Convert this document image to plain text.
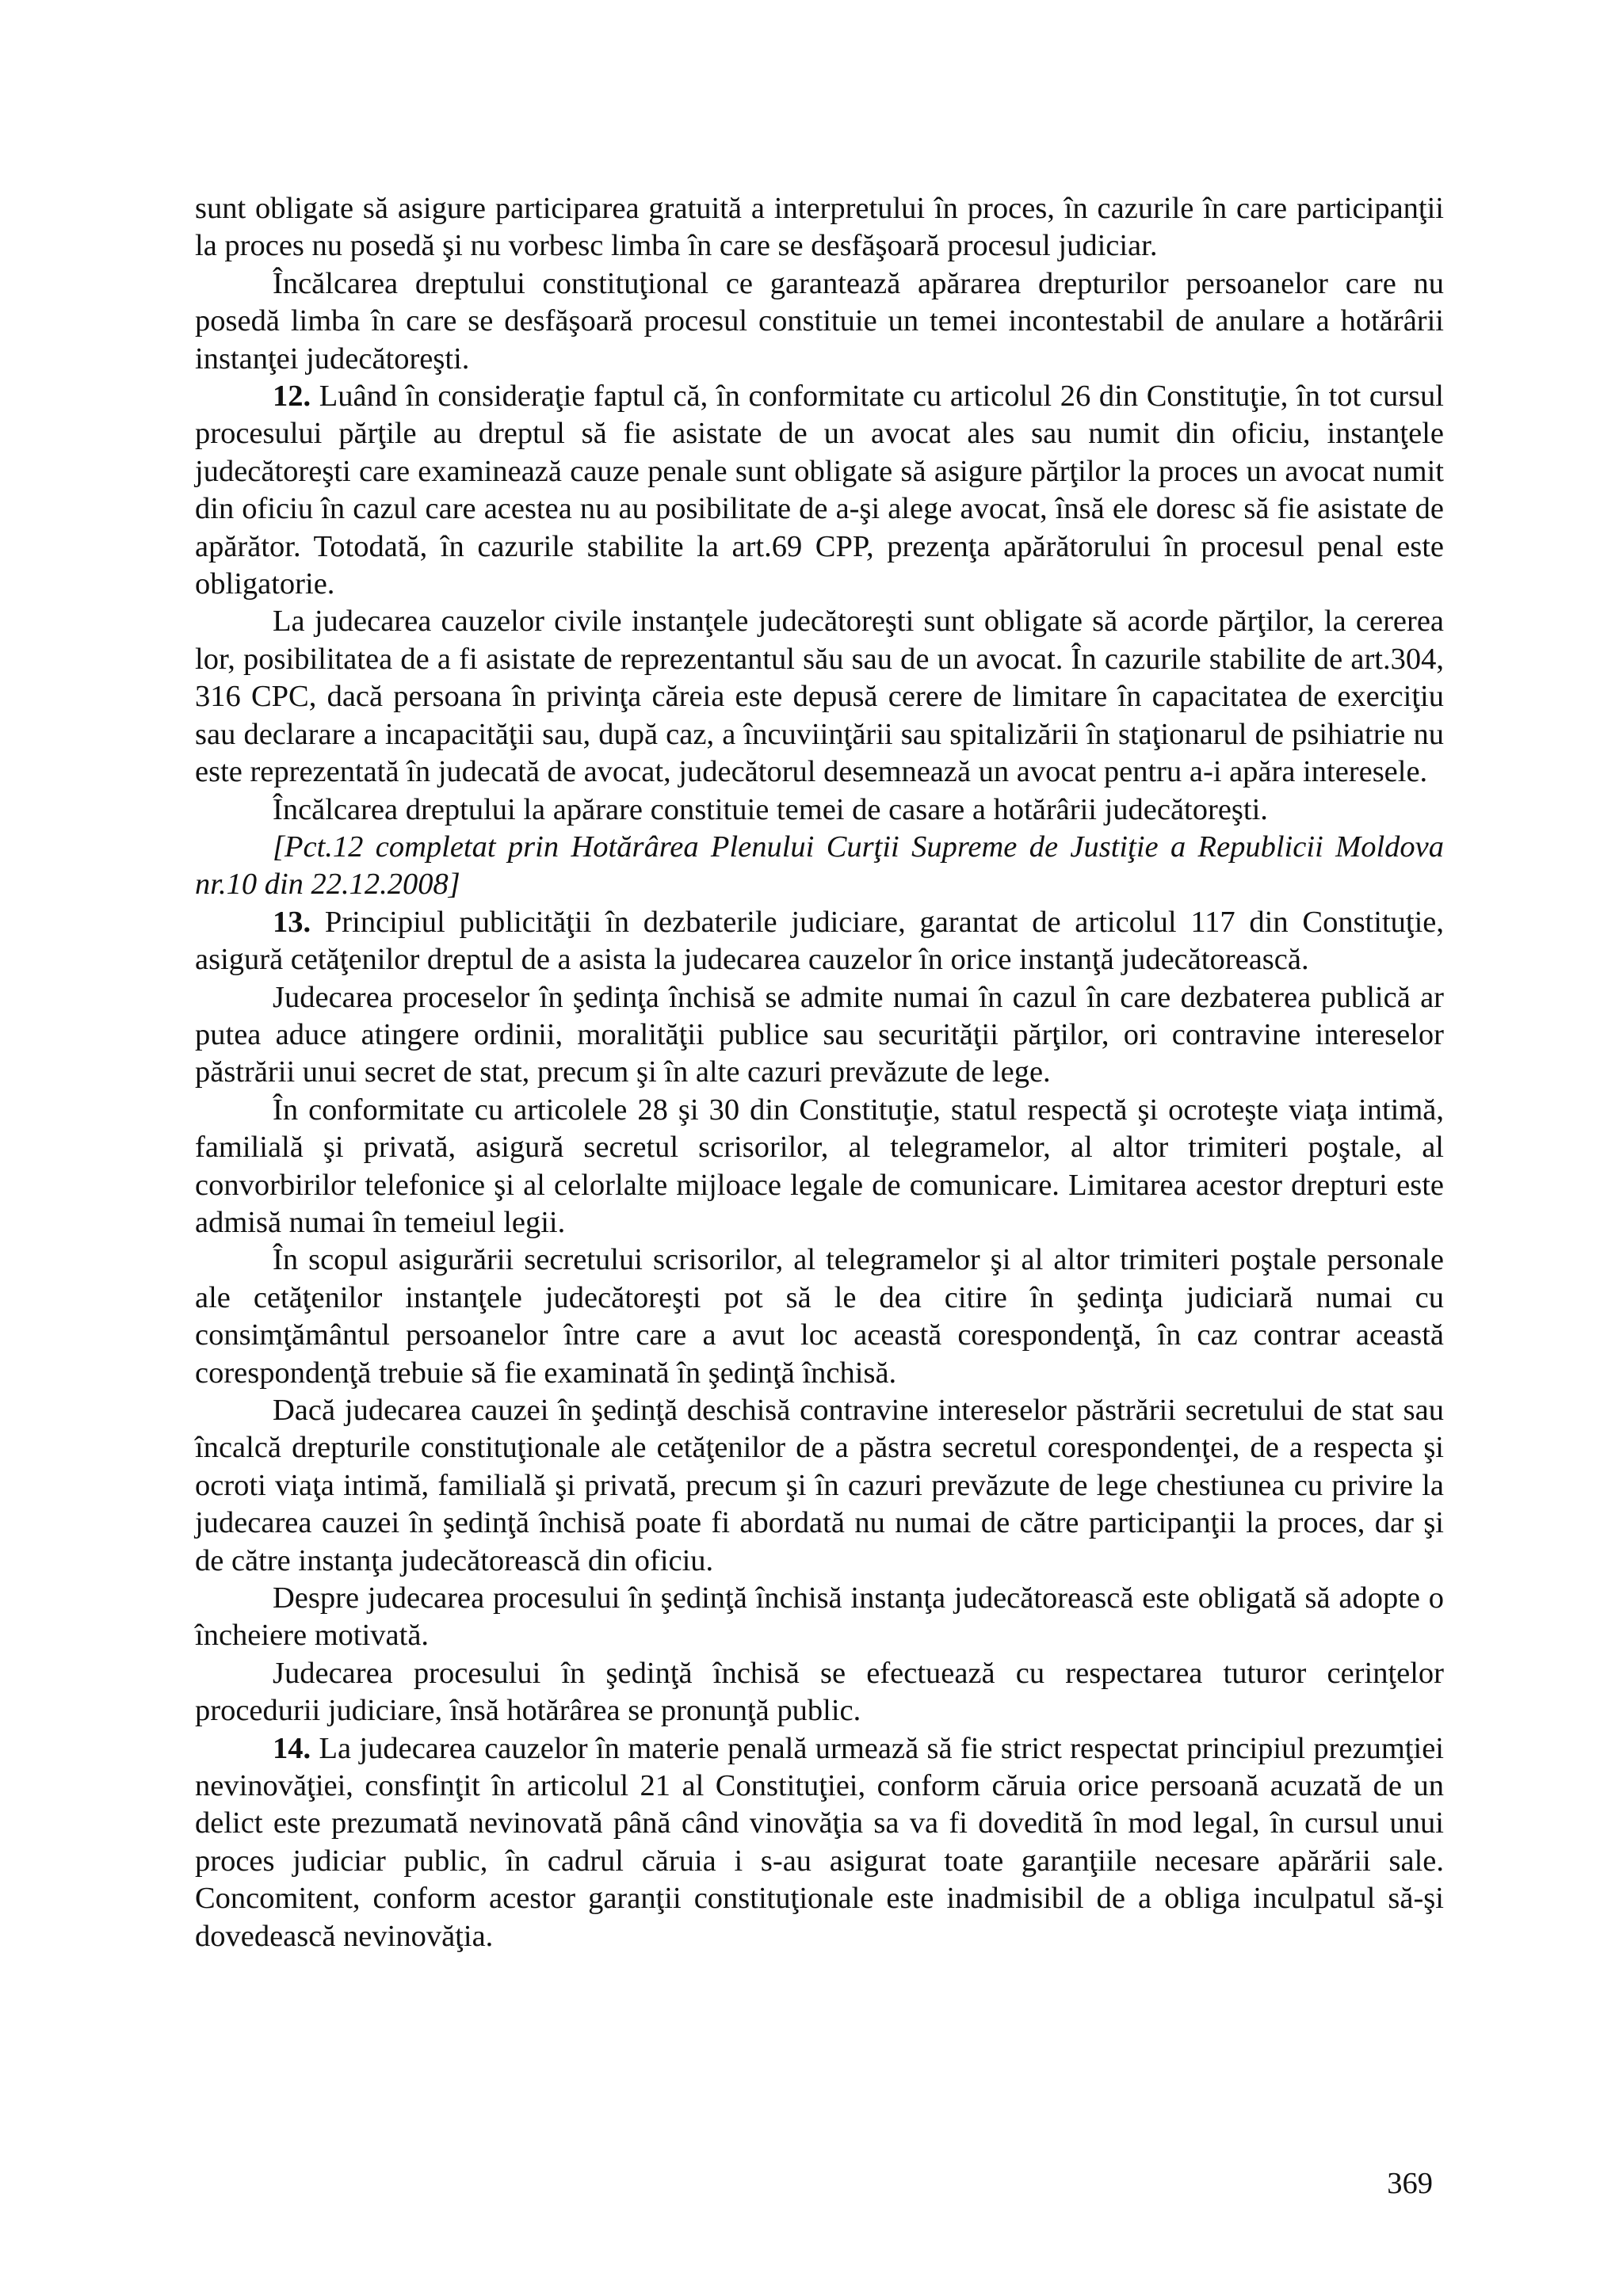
sunt obligate să asigure participarea gratuită a interpretului în proces, în cazurile în care participanţii la proces nu posedă şi nu vorbesc limba în care se desfăşoară procesul judiciar.

Încălcarea dreptului constituţional ce garantează apărarea drepturilor persoanelor care nu posedă limba în care se desfăşoară procesul constituie un temei incontestabil de anulare a hotărârii instanţei judecătoreşti.

12. Luând în consideraţie faptul că, în conformitate cu articolul 26 din Constituţie, în tot cursul procesului părţile au dreptul să fie asistate de un avocat ales sau numit din oficiu, instanţele judecătoreşti care examinează cauze penale sunt obligate să asigure părţilor la proces un avocat numit din oficiu în cazul care acestea nu au posibilitate de a-şi alege avocat, însă ele doresc să fie asistate de apărător. Totodată, în cazurile stabilite la art.69 CPP, prezenţa apărătorului în procesul penal este obligatorie.

La judecarea cauzelor civile instanţele judecătoreşti sunt obligate să acorde părţilor, la cererea lor, posibilitatea de a fi asistate de reprezentantul său sau de un avocat. În cazurile stabilite de art.304, 316 CPC, dacă persoana în privinţa căreia este depusă cerere de limitare în capacitatea de exerciţiu sau declarare a incapacităţii sau, după caz, a încuviinţării sau spitalizării în staţionarul de psihiatrie nu este reprezentată în judecată de avocat, judecătorul desemnează un avocat pentru a-i apăra interesele.

Încălcarea dreptului la apărare constituie temei de casare a hotărârii judecătoreşti.

[Pct.12 completat prin Hotărârea Plenului Curţii Supreme de Justiţie a Republicii Moldova nr.10 din 22.12.2008]

13. Principiul publicităţii în dezbaterile judiciare, garantat de articolul 117 din Constituţie, asigură cetăţenilor dreptul de a asista la judecarea cauzelor în orice instanţă judecătorească.

Judecarea proceselor în şedinţa închisă se admite numai în cazul în care dezbaterea publică ar putea aduce atingere ordinii, moralităţii publice sau securităţii părţilor, ori contravine intereselor păstrării unui secret de stat, precum şi în alte cazuri prevăzute de lege.

În conformitate cu articolele 28 şi 30 din Constituţie, statul respectă şi ocroteşte viaţa intimă, familială şi privată, asigură secretul scrisorilor, al telegramelor, al altor trimiteri poştale, al convorbirilor telefonice şi al celorlalte mijloace legale de comunicare. Limitarea acestor drepturi este admisă numai în temeiul legii.

În scopul asigurării secretului scrisorilor, al telegramelor şi al altor trimiteri poştale personale ale cetăţenilor instanţele judecătoreşti pot să le dea citire în şedinţa judiciară numai cu consimţământul persoanelor între care a avut loc această corespondenţă, în caz contrar această corespondenţă trebuie să fie examinată în şedinţă închisă.

Dacă judecarea cauzei în şedinţă deschisă contravine intereselor păstrării secretului de stat sau încalcă drepturile constituţionale ale cetăţenilor de a păstra secretul corespondenţei, de a respecta şi ocroti viaţa intimă, familială şi privată, precum şi în cazuri prevăzute de lege chestiunea cu privire la judecarea cauzei în şedinţă închisă poate fi abordată nu numai de către participanţii la proces, dar şi de către instanţa judecătorească din oficiu.

Despre judecarea procesului în şedinţă închisă instanţa judecătorească este obligată să adopte o încheiere motivată.

Judecarea procesului în şedinţă închisă se efectuează cu respectarea tuturor cerinţelor procedurii judiciare, însă hotărârea se pronunţă public.

14. La judecarea cauzelor în materie penală urmează să fie strict respectat principiul prezumţiei nevinovăţiei, consfinţit în articolul 21 al Constituţiei, conform căruia orice persoană acuzată de un delict este prezumată nevinovată până când vinovăţia sa va fi dovedită în mod legal, în cursul unui proces judiciar public, în cadrul căruia i s-au asigurat toate garanţiile necesare apărării sale. Concomitent, conform acestor garanţii constituţionale este inadmisibil de a obliga inculpatul să-şi dovedească nevinovăţia.

369
